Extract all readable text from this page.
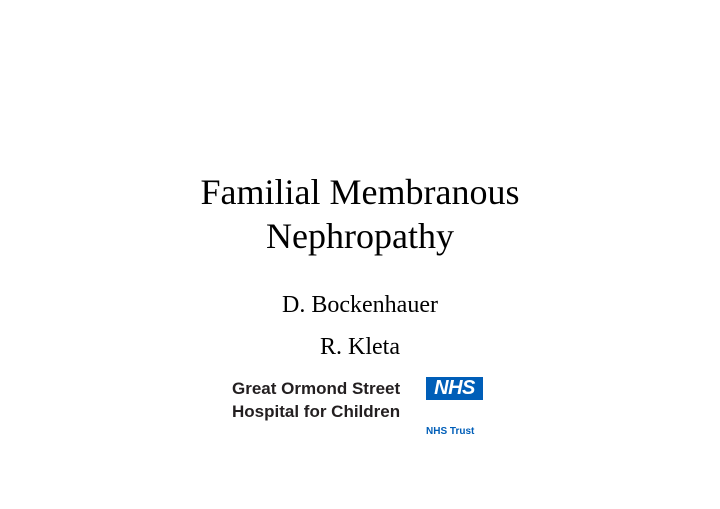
Familial Membranous
Nephropathy
D. Bockenhauer
R. Kleta
Great Ormond Street
Hospital for Children
NHS
NHS Trust
